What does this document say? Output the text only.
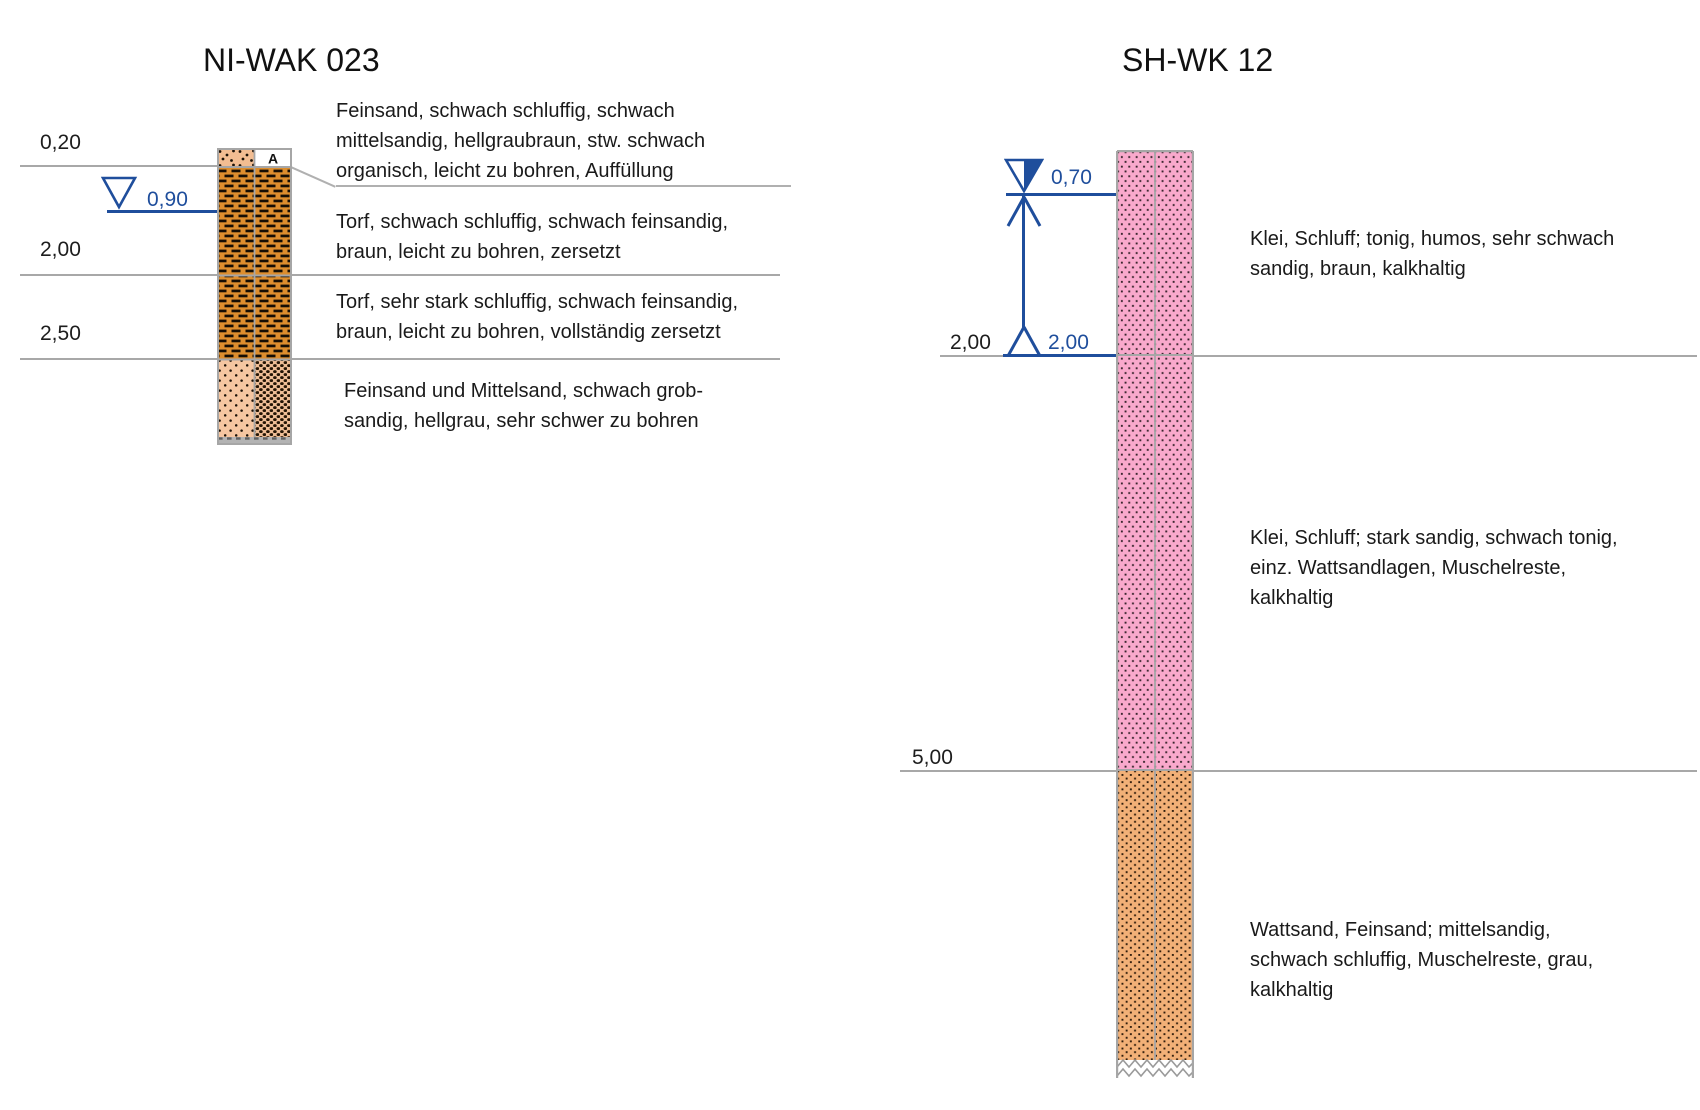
NI-WAK 023
0,20
2,00
2,50
0,90
A
Feinsand, schwach schluffig, schwach
mittelsandig, hellgraubraun, stw. schwach
organisch, leicht zu bohren, Auffüllung
Torf, schwach schluffig, schwach feinsandig,
braun, leicht zu bohren, zersetzt
Torf, sehr stark schluffig, schwach feinsandig,
braun, leicht zu bohren, vollständig zersetzt
Feinsand und Mittelsand, schwach grob-
sandig, hellgrau, sehr schwer zu bohren
SH-WK 12
2,00
5,00
0,70
2,00
Klei, Schluff; tonig, humos, sehr schwach
sandig, braun, kalkhaltig
Klei, Schluff; stark sandig, schwach tonig,
einz. Wattsandlagen, Muschelreste,
kalkhaltig
Wattsand, Feinsand; mittelsandig,
schwach schluffig, Muschelreste, grau,
kalkhaltig
